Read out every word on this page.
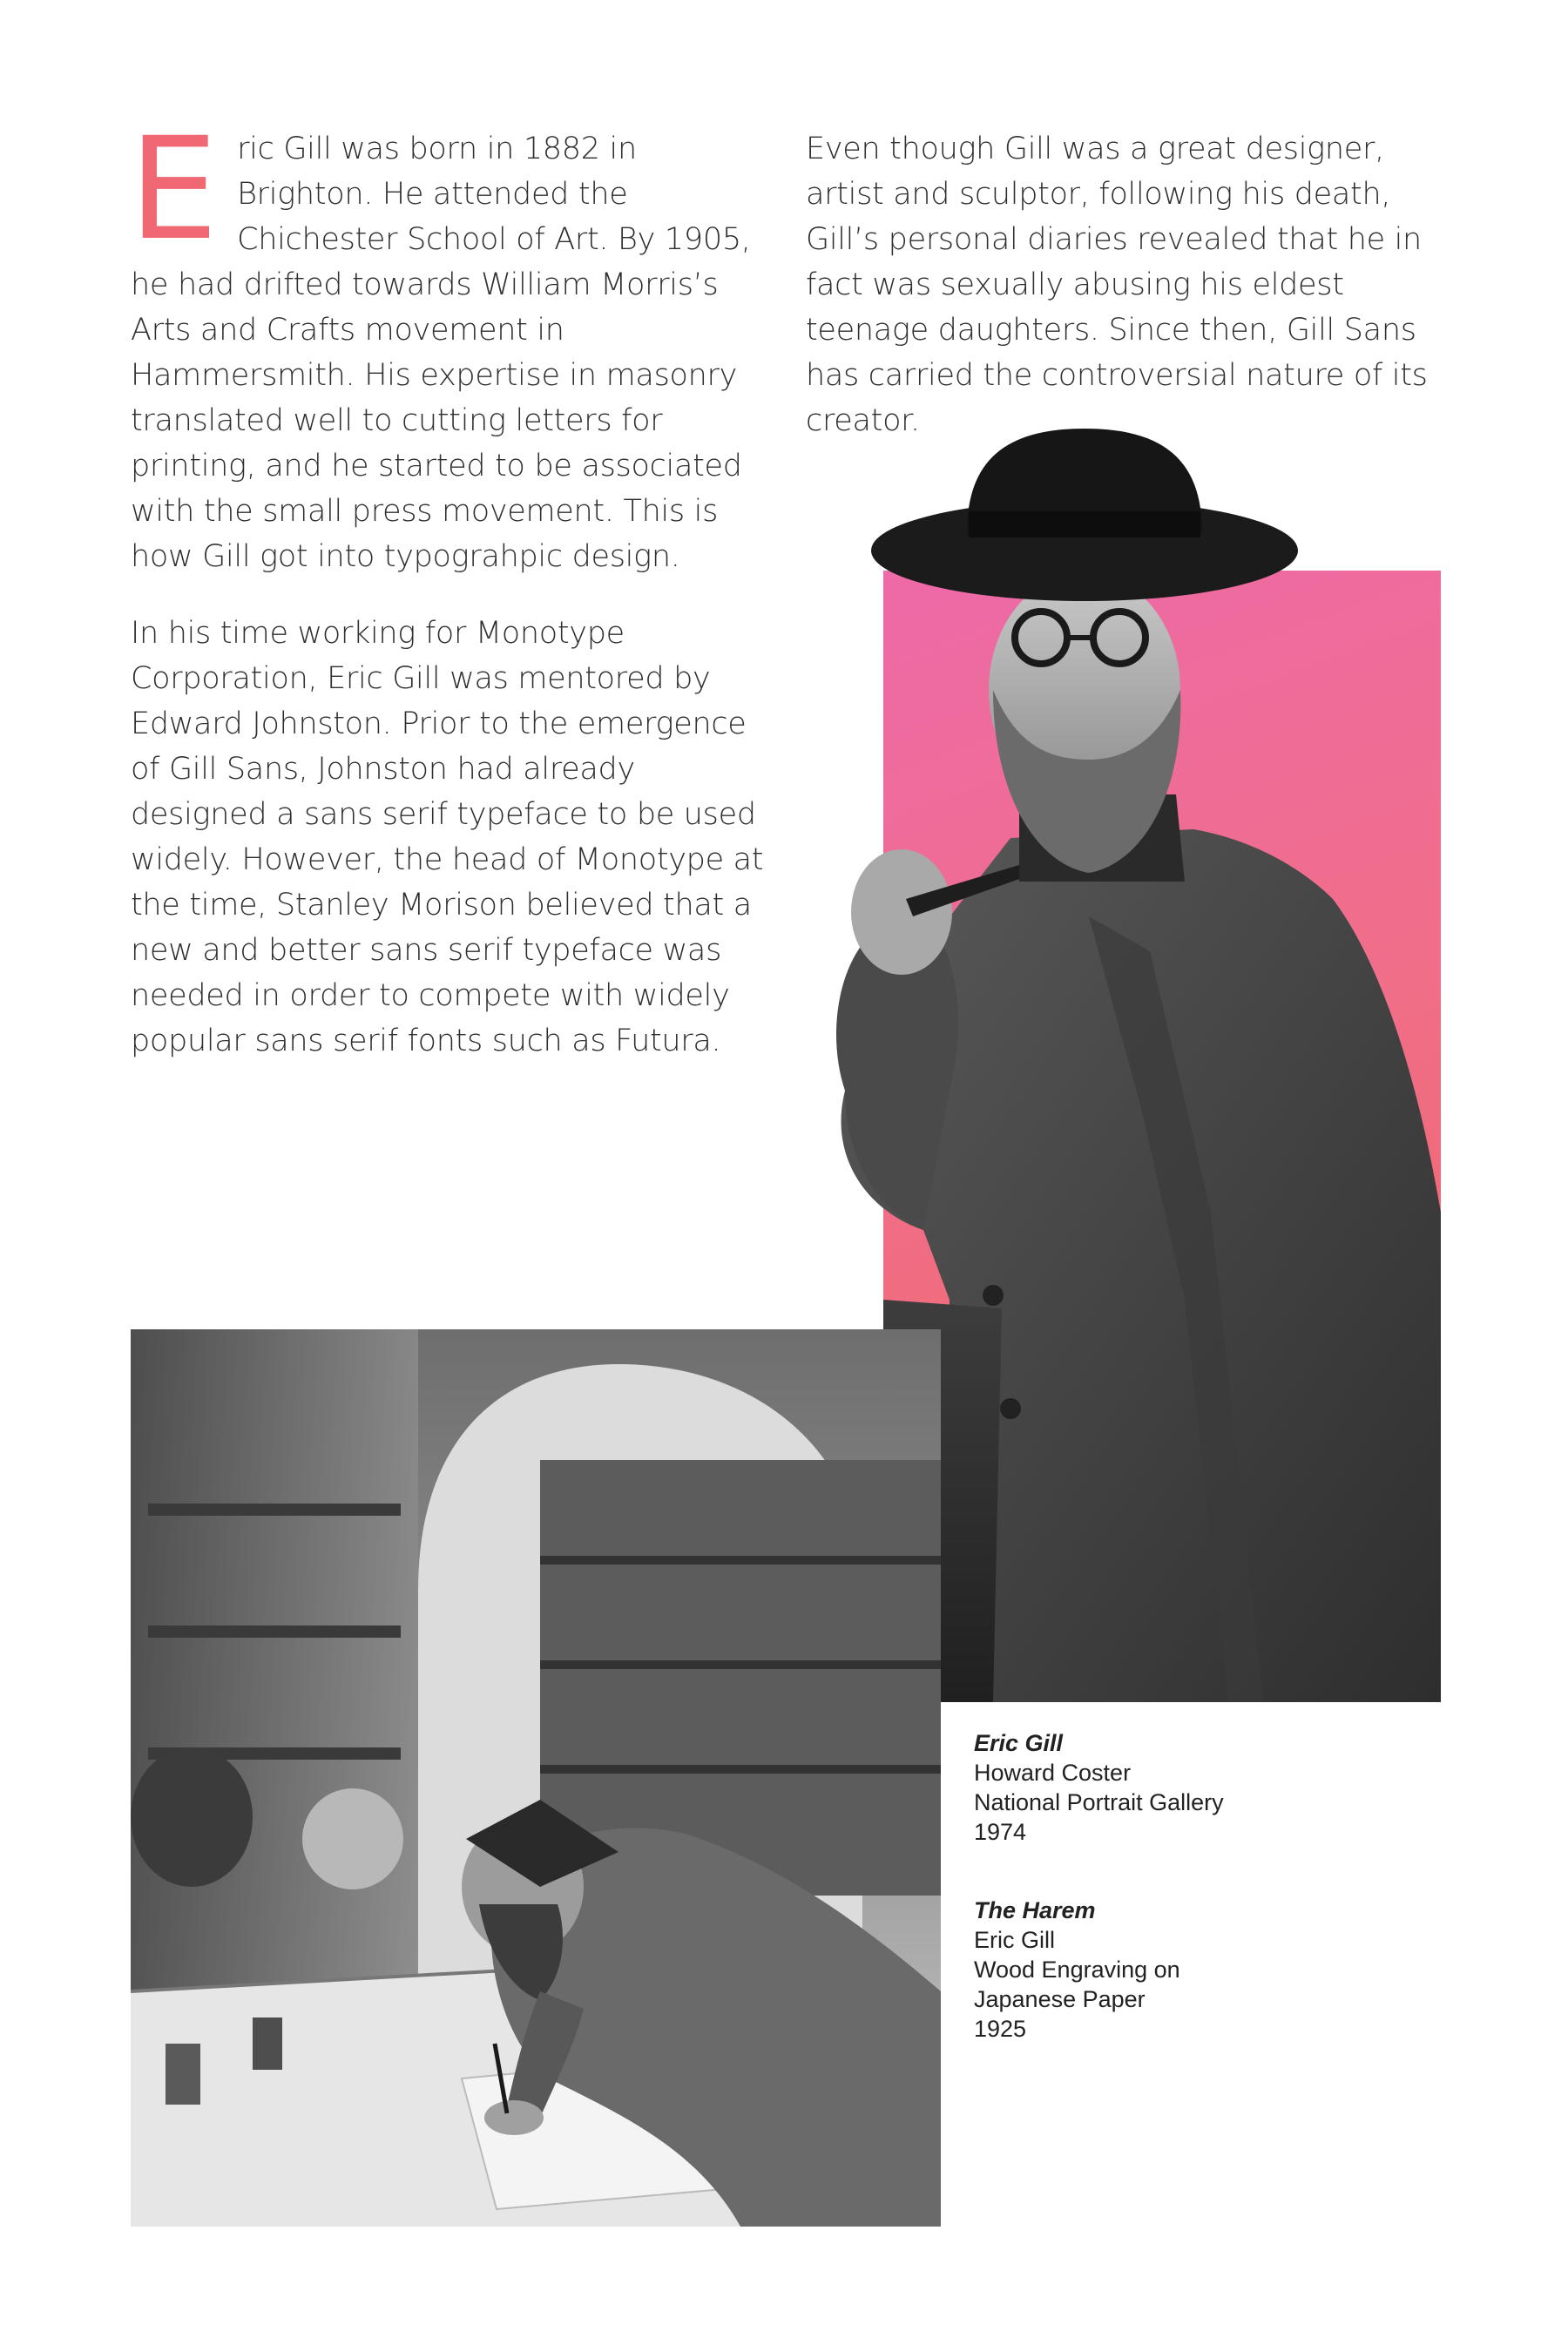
E ric Gill was born in 1882 in Brighton. He attended the Chichester School of Art. By 1905, he had drifted towards William Morris’s Arts and Crafts movement in Hammersmith. His expertise in masonry translated well to cutting letters for printing, and he started to be associated with the small press movement. This is how Gill got into typograhpic design.

In his time working for Monotype Corporation, Eric Gill was mentored by Edward Johnston. Prior to the emergence of Gill Sans, Johnston had already designed a sans serif typeface to be used widely. However, the head of Monotype at the time, Stanley Morison believed that a new and better sans serif typeface was needed in order to compete with widely popular sans serif fonts such as Futura.

Even though Gill was a great designer, artist and sculptor, following his death, Gill’s personal diaries revealed that he in fact was sexually abusing his eldest teenage daughters. Since then, Gill Sans has carried the controversial nature of its creator.

Eric Gill
Howard Coster
National Portrait Gallery
1974
The Harem
Eric Gill
Wood Engraving on
Japanese Paper
1925
